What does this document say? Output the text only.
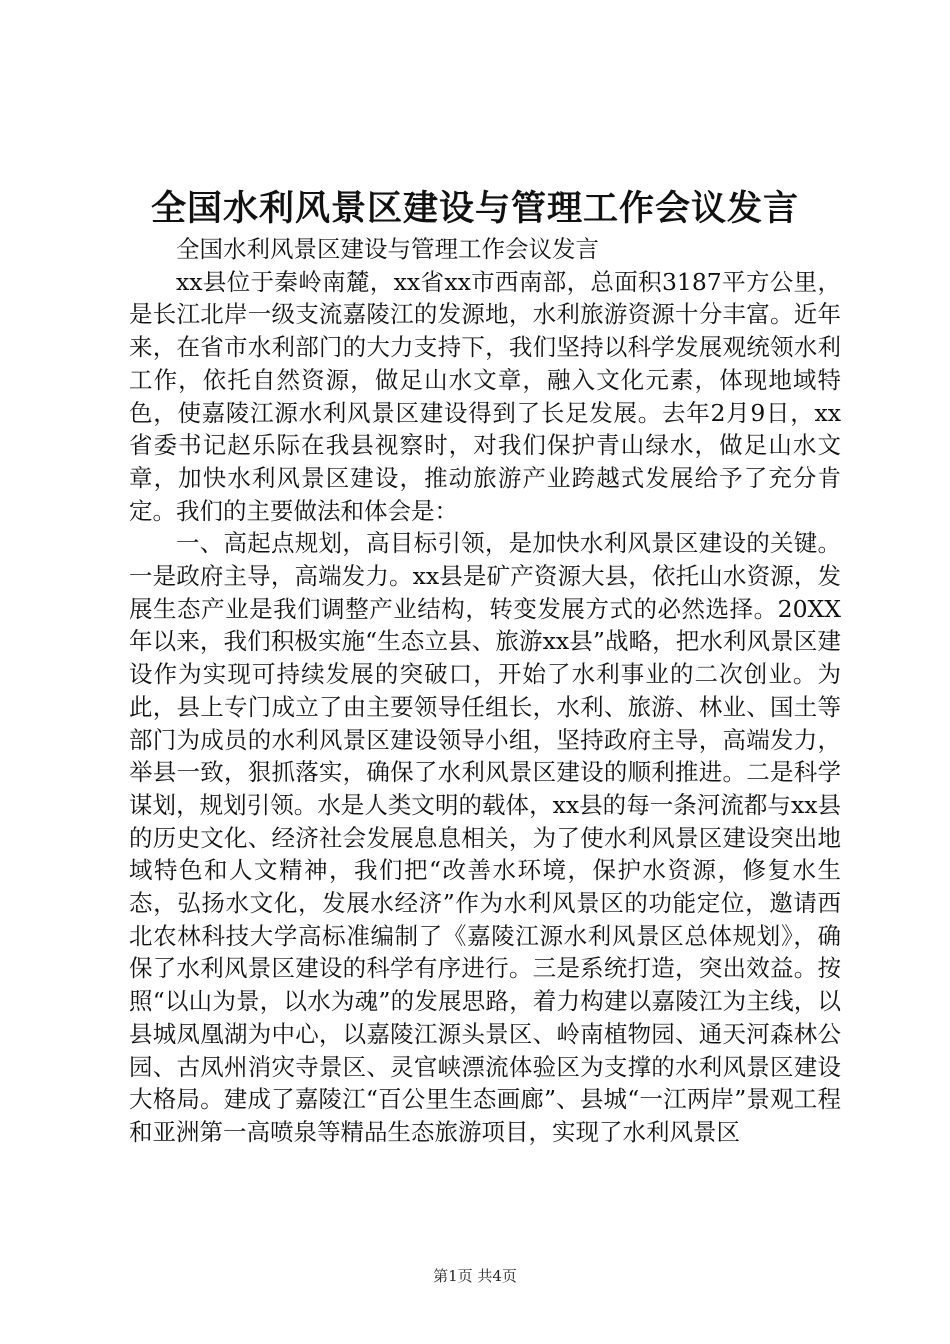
全国水利风景区建设与管理工作会议发言

全国水利风景区建设与管理工作会议发言

xx县位于秦岭南麓，xx省xx市西南部，总面积3187平方公里，是长江北岸一级支流嘉陵江的发源地，水利旅游资源十分丰富。近年来，在省市水利部门的大力支持下，我们坚持以科学发展观统领水利工作，依托自然资源，做足山水文章，融入文化元素，体现地域特色，使嘉陵江源水利风景区建设得到了长足发展。去年2月9日，xx省委书记赵乐际在我县视察时，对我们保护青山绿水，做足山水文章，加快水利风景区建设，推动旅游产业跨越式发展给予了充分肯定。我们的主要做法和体会是：

一、高起点规划，高目标引领，是加快水利风景区建设的关键。一是政府主导，高端发力。xx县是矿产资源大县，依托山水资源，发展生态产业是我们调整产业结构，转变发展方式的必然选择。20XX年以来，我们积极实施“生态立县、旅游xx县”战略，把水利风景区建设作为实现可持续发展的突破口，开始了水利事业的二次创业。为此，县上专门成立了由主要领导任组长，水利、旅游、林业、国土等部门为成员的水利风景区建设领导小组，坚持政府主导，高端发力，举县一致，狠抓落实，确保了水利风景区建设的顺利推进。二是科学谋划，规划引领。水是人类文明的载体，xx县的每一条河流都与xx县的历史文化、经济社会发展息息相关，为了使水利风景区建设突出地域特色和人文精神，我们把“改善水环境，保护水资源，修复水生态，弘扬水文化，发展水经济”作为水利风景区的功能定位，邀请西北农林科技大学高标准编制了《嘉陵江源水利风景区总体规划》，确保了水利风景区建设的科学有序进行。三是系统打造，突出效益。按照“以山为景，以水为魂”的发展思路，着力构建以嘉陵江为主线，以县城凤凰湖为中心，以嘉陵江源头景区、岭南植物园、通天河森林公园、古凤州消灾寺景区、灵官峡漂流体验区为支撑的水利风景区建设大格局。建成了嘉陵江“百公里生态画廊”、县城“一江两岸”景观工程和亚洲第一高喷泉等精品生态旅游项目，实现了水利风景区

第1页 共4页
